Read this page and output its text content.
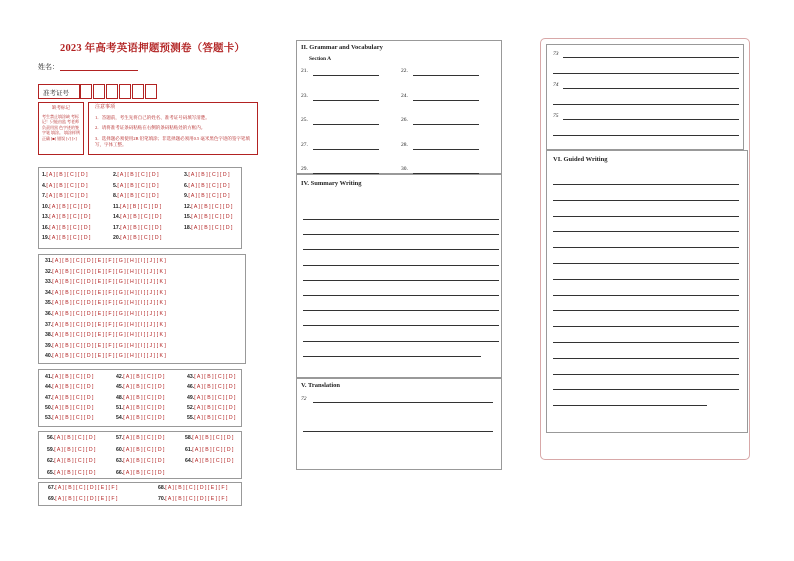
2023 年高考英语押题预测卷（答题卡）
姓名：
准考证号
缺考标记
考生禁止填涂缺 考标记！只能由监 考老师负责用黑 色字迹的签字笔 填涂。 填涂样例 正确 [■] 错误 [√] [×]
注意事项
1．答题前，考生先将自己的姓名、准考证号码填写清楚。
2．请将准考证条码粘贴在右侧的条码粘贴处的方框内。
3．选择题必须使用2B 铅笔填涂；非选择题必须用0.5 毫米黑色字迹的签字笔填写，字体工整。
1.[ A ] [ B ] [ C ] [ D ]	2.[ A ] [ B ] [ C ] [ D ]	3.[ A ] [ B ] [ C ] [ D ]
4.[ A ] [ B ] [ C ] [ D ]	5.[ A ] [ B ] [ C ] [ D ]	6.[ A ] [ B ] [ C ] [ D ]
7.[ A ] [ B ] [ C ] [ D ]	8.[ A ] [ B ] [ C ] [ D ]	9.[ A ] [ B ] [ C ] [ D ]
10.[ A ] [ B ] [ C ] [ D ]	11.[ A ] [ B ] [ C ] [ D ]	12.[ A ] [ B ] [ C ] [ D ]
13.[ A ] [ B ] [ C ] [ D ]	14.[ A ] [ B ] [ C ] [ D ]	15.[ A ] [ B ] [ C ] [ D ]
16.[ A ] [ B ] [ C ] [ D ]	17.[ A ] [ B ] [ C ] [ D ]	18.[ A ] [ B ] [ C ] [ D ]
19.[ A ] [ B ] [ C ] [ D ]	20.[ A ] [ B ] [ C ] [ D ]
31.[ A ] [ B ] [ C ] [ D ] [ E ] [ F ] [ G ] [ H ] [ I ] [ J ] [ K ]
32.[ A ] [ B ] [ C ] [ D ] [ E ] [ F ] [ G ] [ H ] [ I ] [ J ] [ K ]
33.[ A ] [ B ] [ C ] [ D ] [ E ] [ F ] [ G ] [ H ] [ I ] [ J ] [ K ]
34.[ A ] [ B ] [ C ] [ D ] [ E ] [ F ] [ G ] [ H ] [ I ] [ J ] [ K ]
35.[ A ] [ B ] [ C ] [ D ] [ E ] [ F ] [ G ] [ H ] [ I ] [ J ] [ K ]
36.[ A ] [ B ] [ C ] [ D ] [ E ] [ F ] [ G ] [ H ] [ I ] [ J ] [ K ]
37.[ A ] [ B ] [ C ] [ D ] [ E ] [ F ] [ G ] [ H ] [ I ] [ J ] [ K ]
38.[ A ] [ B ] [ C ] [ D ] [ E ] [ F ] [ G ] [ H ] [ I ] [ J ] [ K ]
39.[ A ] [ B ] [ C ] [ D ] [ E ] [ F ] [ G ] [ H ] [ I ] [ J ] [ K ]
40.[ A ] [ B ] [ C ] [ D ] [ E ] [ F ] [ G ] [ H ] [ I ] [ J ] [ K ]
41.[ A ] [ B ] [ C ] [ D ]	42.[ A ] [ B ] [ C ] [ D ]	43.[ A ] [ B ] [ C ] [ D ]
44.[ A ] [ B ] [ C ] [ D ]	45.[ A ] [ B ] [ C ] [ D ]	46.[ A ] [ B ] [ C ] [ D ]
47.[ A ] [ B ] [ C ] [ D ]	48.[ A ] [ B ] [ C ] [ D ]	49.[ A ] [ B ] [ C ] [ D ]
50.[ A ] [ B ] [ C ] [ D ]	51.[ A ] [ B ] [ C ] [ D ]	52.[ A ] [ B ] [ C ] [ D ]
53.[ A ] [ B ] [ C ] [ D ]	54.[ A ] [ B ] [ C ] [ D ]	55.[ A ] [ B ] [ C ] [ D ]
56.[ A ] [ B ] [ C ] [ D ]	57.[ A ] [ B ] [ C ] [ D ]	58.[ A ] [ B ] [ C ] [ D ]
59.[ A ] [ B ] [ C ] [ D ]	60.[ A ] [ B ] [ C ] [ D ]	61.[ A ] [ B ] [ C ] [ D ]
62.[ A ] [ B ] [ C ] [ D ]	63.[ A ] [ B ] [ C ] [ D ]	64.[ A ] [ B ] [ C ] [ D ]
65.[ A ] [ B ] [ C ] [ D ]	66.[ A ] [ B ] [ C ] [ D ]
67.[ A ] [ B ] [ C ] [ D ] [ E ] [ F ]	68.[ A ] [ B ] [ C ] [ D ] [ E ] [ F ]
69.[ A ] [ B ] [ C ] [ D ] [ E ] [ F ]	70.[ A ] [ B ] [ C ] [ D ] [ E ] [ F ]
II. Grammar and Vocabulary
Section A
21.	22.
23.	24.
25.	26.
27.	28.
29.	30.
IV. Summary Writing
V. Translation
72
73
74
75
VI. Guided Writing
